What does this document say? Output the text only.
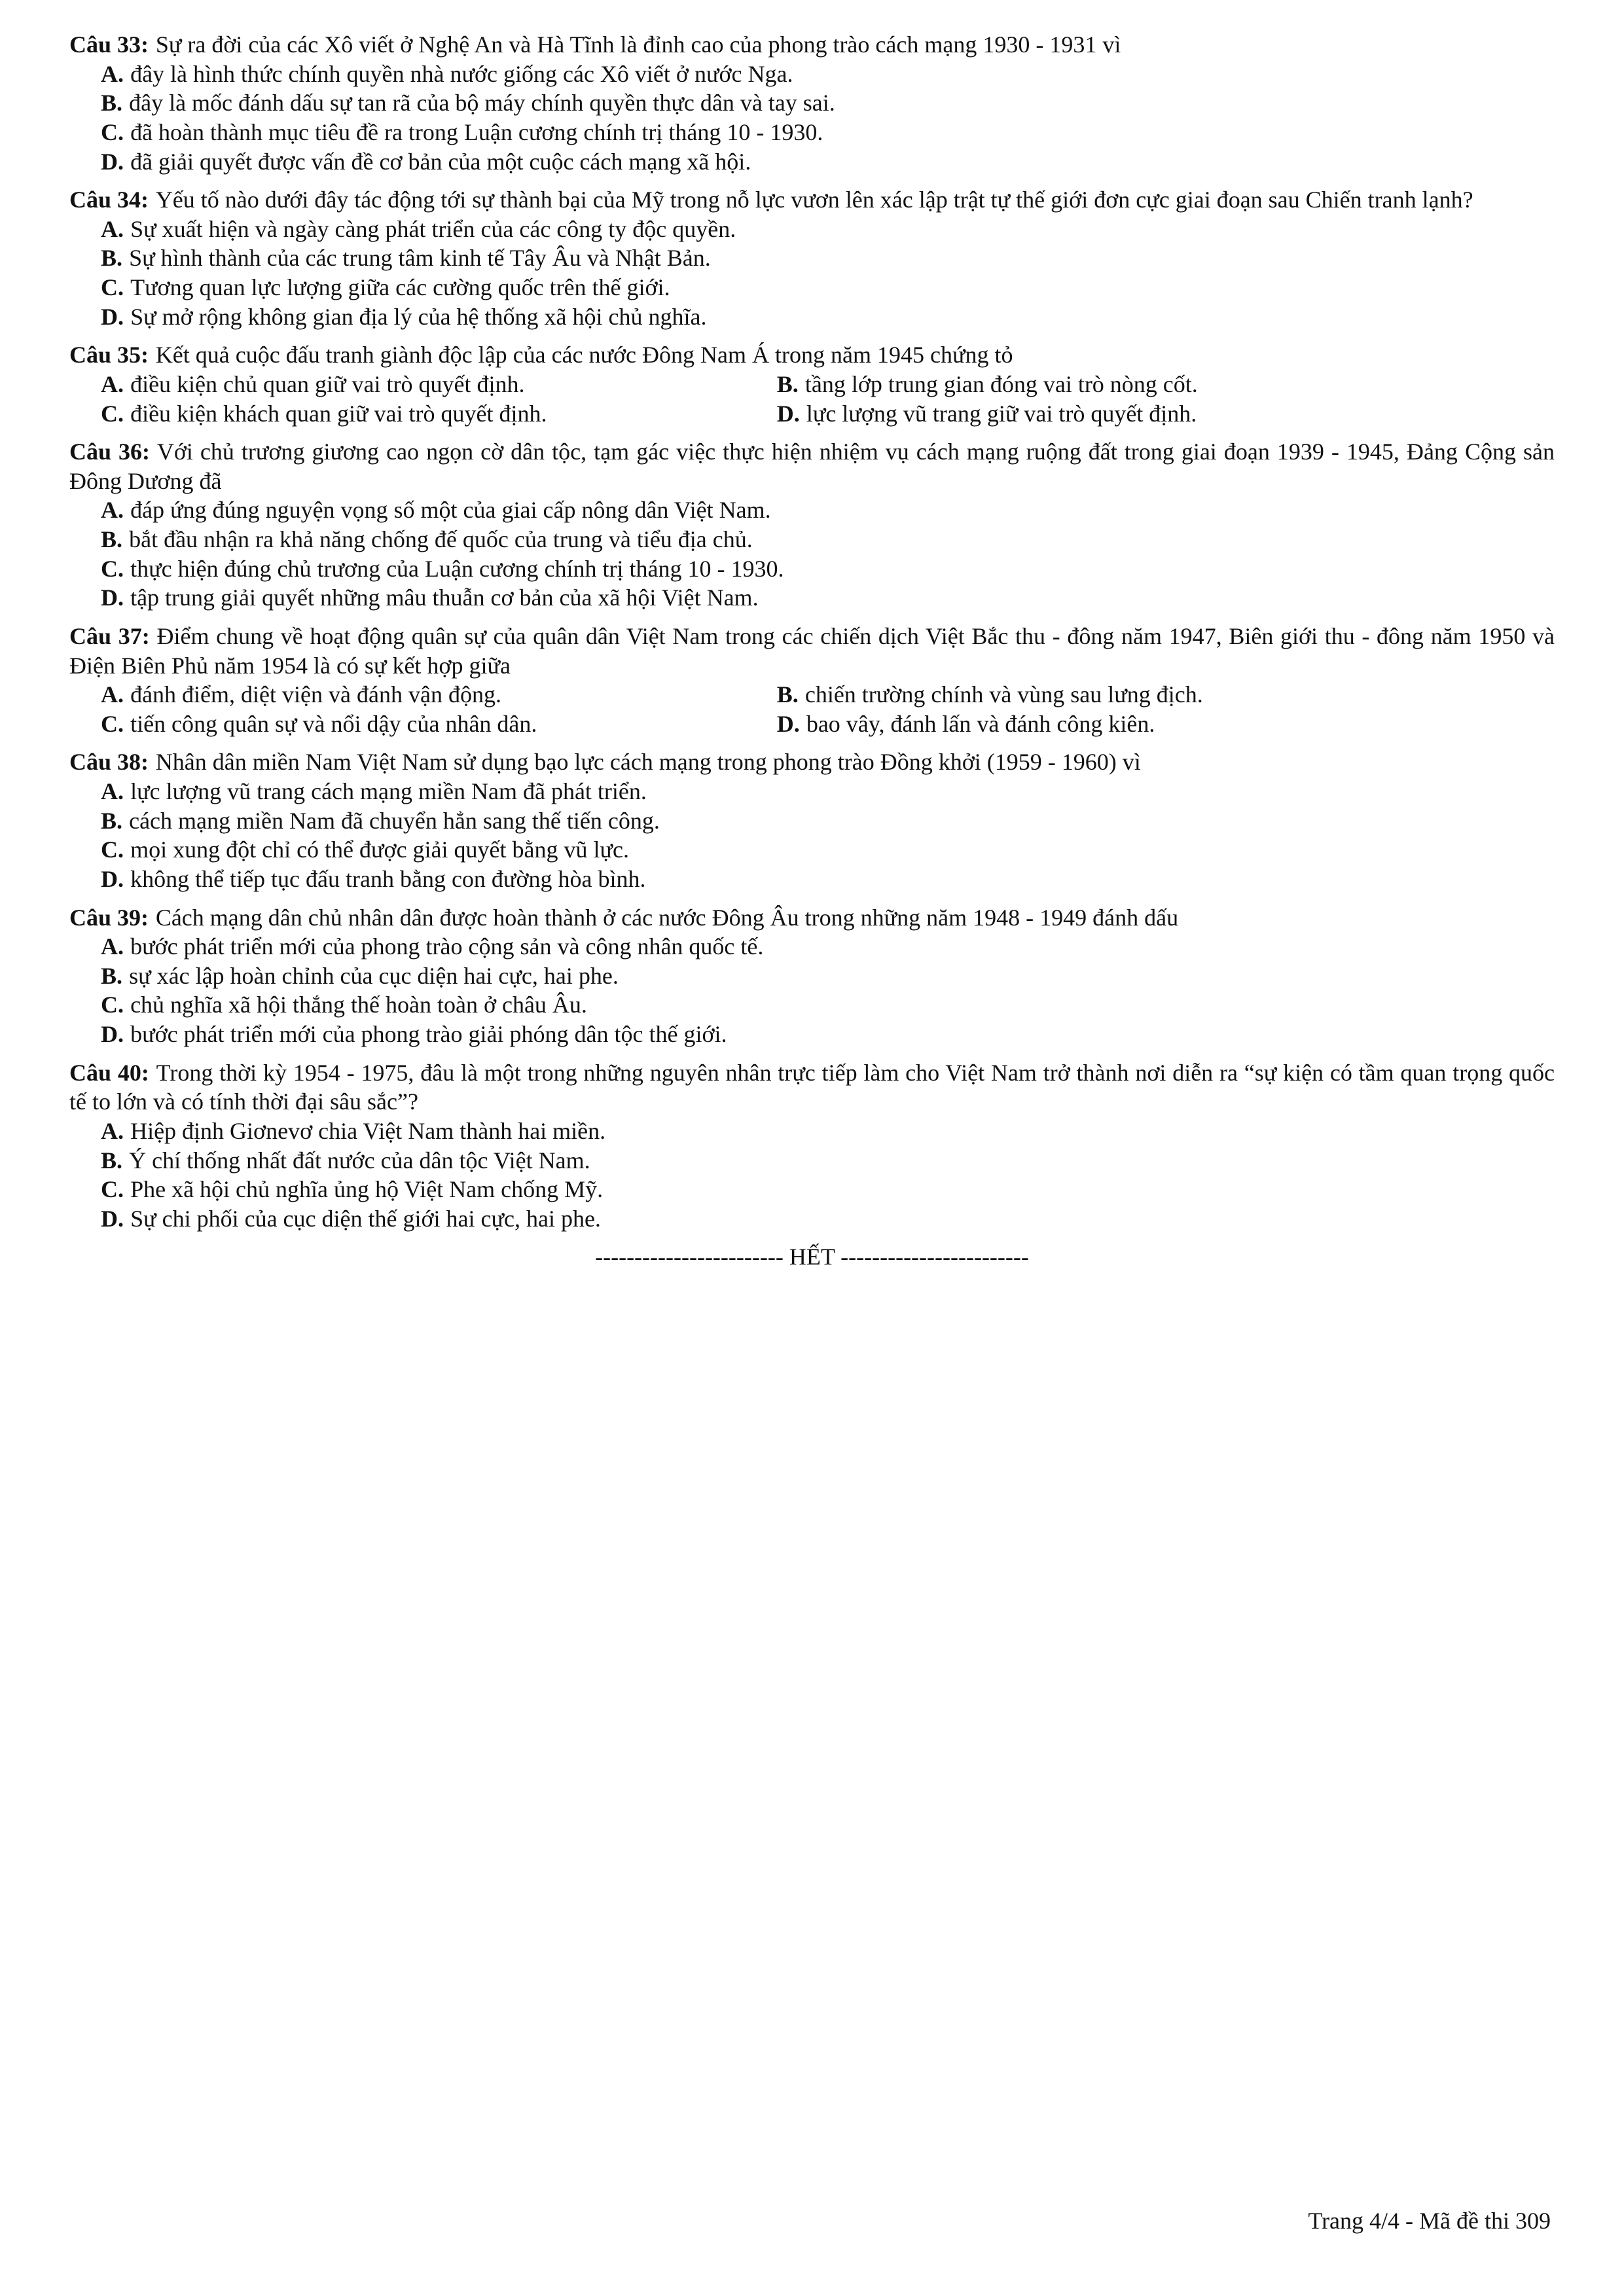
Câu 33: Sự ra đời của các Xô viết ở Nghệ An và Hà Tĩnh là đỉnh cao của phong trào cách mạng 1930 - 1931 vì

A. đây là hình thức chính quyền nhà nước giống các Xô viết ở nước Nga.
B. đây là mốc đánh dấu sự tan rã của bộ máy chính quyền thực dân và tay sai.
C. đã hoàn thành mục tiêu đề ra trong Luận cương chính trị tháng 10 - 1930.
D. đã giải quyết được vấn đề cơ bản của một cuộc cách mạng xã hội.

Câu 34: Yếu tố nào dưới đây tác động tới sự thành bại của Mỹ trong nỗ lực vươn lên xác lập trật tự thế giới đơn cực giai đoạn sau Chiến tranh lạnh?

A. Sự xuất hiện và ngày càng phát triển của các công ty độc quyền.
B. Sự hình thành của các trung tâm kinh tế Tây Âu và Nhật Bản.
C. Tương quan lực lượng giữa các cường quốc trên thế giới.
D. Sự mở rộng không gian địa lý của hệ thống xã hội chủ nghĩa.

Câu 35: Kết quả cuộc đấu tranh giành độc lập của các nước Đông Nam Á trong năm 1945 chứng tỏ

A. điều kiện chủ quan giữ vai trò quyết định.	B. tầng lớp trung gian đóng vai trò nòng cốt.
C. điều kiện khách quan giữ vai trò quyết định.	D. lực lượng vũ trang giữ vai trò quyết định.

Câu 36: Với chủ trương giương cao ngọn cờ dân tộc, tạm gác việc thực hiện nhiệm vụ cách mạng ruộng đất trong giai đoạn 1939 - 1945, Đảng Cộng sản Đông Dương đã

A. đáp ứng đúng nguyện vọng số một của giai cấp nông dân Việt Nam.
B. bắt đầu nhận ra khả năng chống đế quốc của trung và tiểu địa chủ.
C. thực hiện đúng chủ trương của Luận cương chính trị tháng 10 - 1930.
D. tập trung giải quyết những mâu thuẫn cơ bản của xã hội Việt Nam.

Câu 37: Điểm chung về hoạt động quân sự của quân dân Việt Nam trong các chiến dịch Việt Bắc thu - đông năm 1947, Biên giới thu - đông năm 1950 và Điện Biên Phủ năm 1954 là có sự kết hợp giữa

A. đánh điểm, diệt viện và đánh vận động.	B. chiến trường chính và vùng sau lưng địch.
C. tiến công quân sự và nổi dậy của nhân dân.	D. bao vây, đánh lấn và đánh công kiên.

Câu 38: Nhân dân miền Nam Việt Nam sử dụng bạo lực cách mạng trong phong trào Đồng khởi (1959 - 1960) vì

A. lực lượng vũ trang cách mạng miền Nam đã phát triển.
B. cách mạng miền Nam đã chuyển hẳn sang thế tiến công.
C. mọi xung đột chỉ có thể được giải quyết bằng vũ lực.
D. không thể tiếp tục đấu tranh bằng con đường hòa bình.

Câu 39: Cách mạng dân chủ nhân dân được hoàn thành ở các nước Đông Âu trong những năm 1948 - 1949 đánh dấu

A. bước phát triển mới của phong trào cộng sản và công nhân quốc tế.
B. sự xác lập hoàn chỉnh của cục diện hai cực, hai phe.
C. chủ nghĩa xã hội thắng thế hoàn toàn ở châu Âu.
D. bước phát triển mới của phong trào giải phóng dân tộc thế giới.

Câu 40: Trong thời kỳ 1954 - 1975, đâu là một trong những nguyên nhân trực tiếp làm cho Việt Nam trở thành nơi diễn ra “sự kiện có tầm quan trọng quốc tế to lớn và có tính thời đại sâu sắc”?

A. Hiệp định Giơnevơ chia Việt Nam thành hai miền.
B. Ý chí thống nhất đất nước của dân tộc Việt Nam.
C. Phe xã hội chủ nghĩa ủng hộ Việt Nam chống Mỹ.
D. Sự chi phối của cục diện thế giới hai cực, hai phe.
------------------------ HẾT ------------------------
Trang 4/4 - Mã đề thi 309
